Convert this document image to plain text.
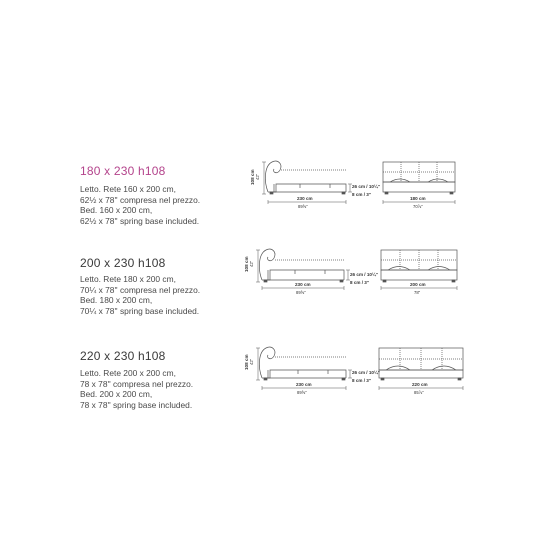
180 x 230 h108
Letto. Rete 160 x 200 cm,
62½ x 78'' compresa nel prezzo.
Bed. 160 x 200 cm,
62½ x 78'' spring base included.
108 cm 42"
230 cm
89⅝"
26 cm / 10¼"
8 cm / 3"
180 cm
70⅞"
200 x 230 h108
Letto. Rete 180 x 200 cm,
70¼ x 78'' compresa nel prezzo.
Bed. 180 x 200 cm,
70¼ x 78'' spring base included.
108 cm 42"
230 cm
89⅝"
26 cm / 10¼"
8 cm / 3"	200 cm
78"
220 x 230 h108
Letto. Rete 200 x 200 cm,
78 x 78'' compresa nel prezzo.
Bed. 200 x 200 cm,
78 x 78'' spring base included.
108 cm 42"
230 cm
89⅝"
26 cm / 10¼"
8 cm / 3"
220 cm
85⅞"
